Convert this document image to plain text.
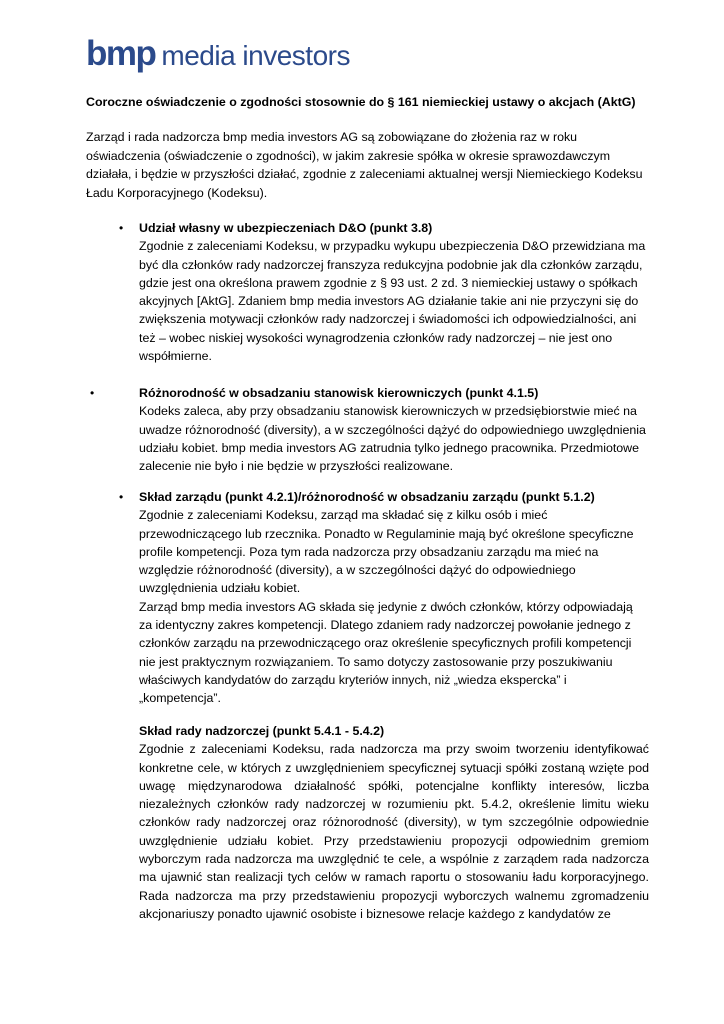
bmp media investors

Coroczne oświadczenie o zgodności stosownie do § 161 niemieckiej ustawy o akcjach (AktG)

Zarząd i rada nadzorcza bmp media investors AG są zobowiązane do złożenia raz w roku oświadczenia (oświadczenie o zgodności), w jakim zakresie spółka w okresie sprawozdawczym działała, i będzie w przyszłości działać, zgodnie z zaleceniami aktualnej wersji Niemieckiego Kodeksu Ładu Korporacyjnego (Kodeksu).

• Udział własny w ubezpieczeniach D&O (punkt 3.8)
Zgodnie z zaleceniami Kodeksu, w przypadku wykupu ubezpieczenia D&O przewidziana ma być dla członków rady nadzorczej franszyza redukcyjna podobnie jak dla członków zarządu, gdzie jest ona określona prawem zgodnie z § 93 ust. 2 zd. 3 niemieckiej ustawy o spółkach akcyjnych [AktG]. Zdaniem bmp media investors AG działanie takie ani nie przyczyni się do zwiększenia motywacji członków rady nadzorczej i świadomości ich odpowiedzialności, ani też – wobec niskiej wysokości wynagrodzenia członków rady nadzorczej – nie jest ono współmierne.
•	Różnorodność w obsadzaniu stanowisk kierowniczych (punkt 4.1.5)
Kodeks zaleca, aby przy obsadzaniu stanowisk kierowniczych w przedsiębiorstwie mieć na uwadze różnorodność (diversity), a w szczególności dążyć do odpowiedniego uwzględnienia udziału kobiet. bmp media investors AG zatrudnia tylko jednego pracownika. Przedmiotowe zalecenie nie było i nie będzie w przyszłości realizowane.
• Skład zarządu (punkt 4.2.1)/różnorodność w obsadzaniu zarządu (punkt 5.1.2)
Zgodnie z zaleceniami Kodeksu, zarząd ma składać się z kilku osób i mieć przewodniczącego lub rzecznika. Ponadto w Regulaminie mają być określone specyficzne profile kompetencji. Poza tym rada nadzorcza przy obsadzaniu zarządu ma mieć na względzie różnorodność (diversity), a w szczególności dążyć do odpowiedniego uwzględnienia udziału kobiet.
Zarząd bmp media investors AG składa się jedynie z dwóch członków, którzy odpowiadają za identyczny zakres kompetencji. Dlatego zdaniem rady nadzorczej powołanie jednego z członków zarządu na przewodniczącego oraz określenie specyficznych profili kompetencji nie jest praktycznym rozwiązaniem. To samo dotyczy zastosowanie przy poszukiwaniu właściwych kandydatów do zarządu kryteriów innych, niż „wiedza ekspercka” i „kompetencja”.
Skład rady nadzorczej (punkt 5.4.1 - 5.4.2)
Zgodnie z zaleceniami Kodeksu, rada nadzorcza ma przy swoim tworzeniu identyfikować konkretne cele, w których z uwzględnieniem specyficznej sytuacji spółki zostaną wzięte pod uwagę międzynarodowa działalność spółki, potencjalne konflikty interesów, liczba niezależnych członków rady nadzorczej w rozumieniu pkt. 5.4.2, określenie limitu wieku członków rady nadzorczej oraz różnorodność (diversity), w tym szczególnie odpowiednie uwzględnienie udziału kobiet. Przy przedstawieniu propozycji odpowiednim gremiom wyborczym rada nadzorcza ma uwzględnić te cele, a wspólnie z zarządem rada nadzorcza ma ujawnić stan realizacji tych celów w ramach raportu o stosowaniu ładu korporacyjnego. Rada nadzorcza ma przy przedstawieniu propozycji wyborczych walnemu zgromadzeniu akcjonariuszy ponadto ujawnić osobiste i biznesowe relacje każdego z kandydatów ze
